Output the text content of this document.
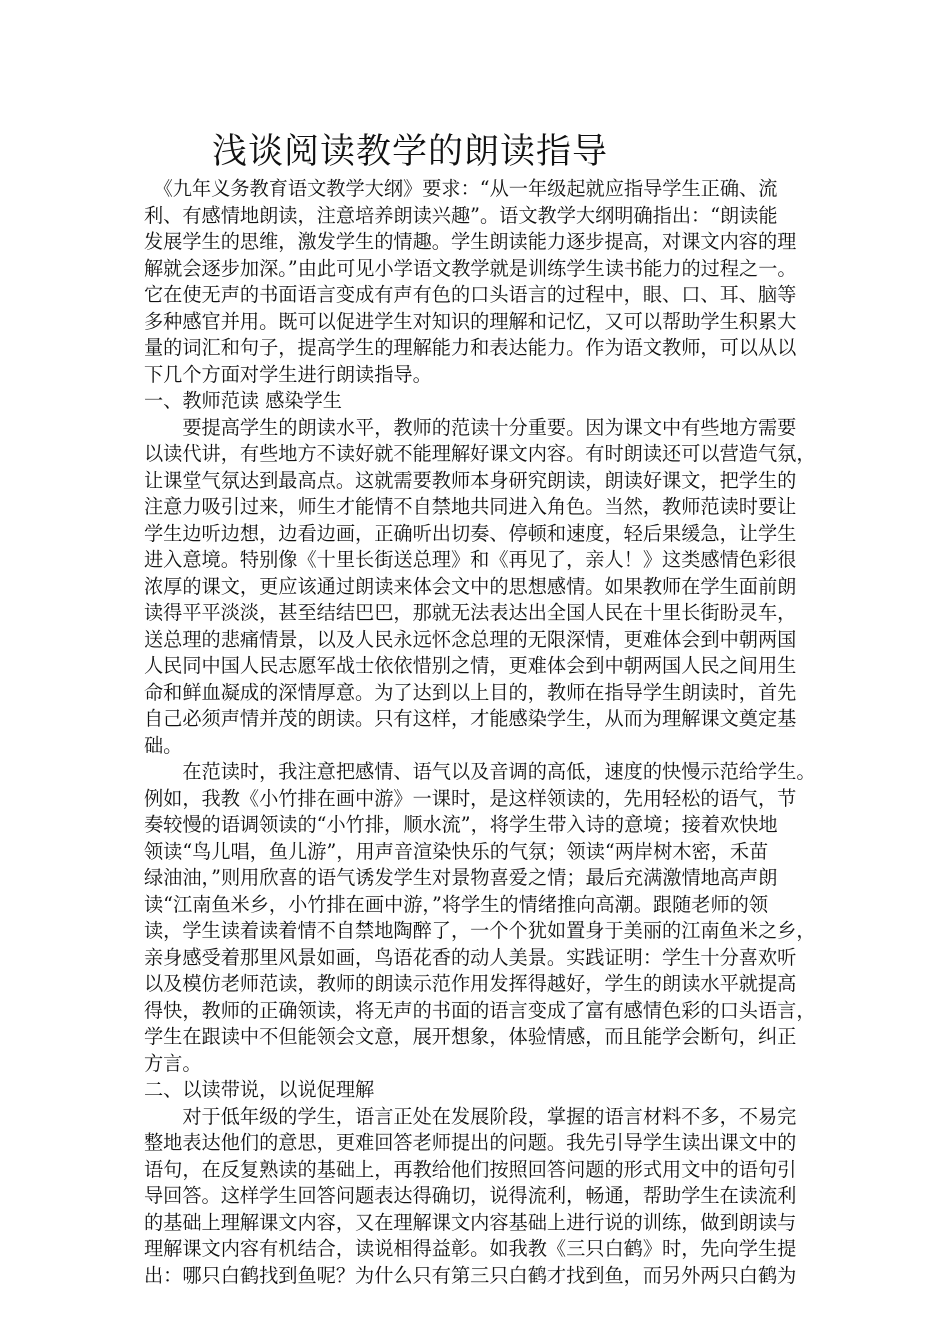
浅谈阅读教学的朗读指导
　《九年义务教育语文教学大纲》要求：“从一年级起就应指导学生正确、流
利、有感情地朗读，注意培养朗读兴趣”。语文教学大纲明确指出：“朗读能
发展学生的思维，激发学生的情趣。学生朗读能力逐步提高，对课文内容的理
解就会逐步加深。”由此可见小学语文教学就是训练学生读书能力的过程之一。
它在使无声的书面语言变成有声有色的口头语言的过程中，眼、口、耳、脑等
多种感官并用。既可以促进学生对知识的理解和记忆，又可以帮助学生积累大
量的词汇和句子，提高学生的理解能力和表达能力。作为语文教师，可以从以
下几个方面对学生进行朗读指导。
一、教师范读 感染学生
　　要提高学生的朗读水平，教师的范读十分重要。因为课文中有些地方需要
以读代讲，有些地方不读好就不能理解好课文内容。有时朗读还可以营造气氛，
让课堂气氛达到最高点。这就需要教师本身研究朗读，朗读好课文，把学生的
注意力吸引过来，师生才能情不自禁地共同进入角色。当然，教师范读时要让
学生边听边想，边看边画，正确听出切奏、停顿和速度，轻后果缓急，让学生
进入意境。特别像《十里长街送总理》和《再见了，亲人！》这类感情色彩很
浓厚的课文，更应该通过朗读来体会文中的思想感情。如果教师在学生面前朗
读得平平淡淡，甚至结结巴巴，那就无法表达出全国人民在十里长街盼灵车，
送总理的悲痛情景，以及人民永远怀念总理的无限深情，更难体会到中朝两国
人民同中国人民志愿军战士依依惜别之情，更难体会到中朝两国人民之间用生
命和鲜血凝成的深情厚意。为了达到以上目的，教师在指导学生朗读时，首先
自己必须声情并茂的朗读。只有这样，才能感染学生，从而为理解课文奠定基
础。
　　在范读时，我注意把感情、语气以及音调的高低，速度的快慢示范给学生。
例如，我教《小竹排在画中游》一课时，是这样领读的，先用轻松的语气，节
奏较慢的语调领读的“小竹排，顺水流”，将学生带入诗的意境；接着欢快地
领读“鸟儿唱，鱼儿游”，用声音渲染快乐的气氛；领读“两岸树木密，禾苗
绿油油，”则用欣喜的语气诱发学生对景物喜爱之情；最后充满激情地高声朗
读“江南鱼米乡，小竹排在画中游，”将学生的情绪推向高潮。跟随老师的领
读，学生读着读着情不自禁地陶醉了，一个个犹如置身于美丽的江南鱼米之乡，
亲身感受着那里风景如画，鸟语花香的动人美景。实践证明：学生十分喜欢听
以及模仿老师范读，教师的朗读示范作用发挥得越好，学生的朗读水平就提高
得快，教师的正确领读，将无声的书面的语言变成了富有感情色彩的口头语言，
学生在跟读中不但能领会文意，展开想象，体验情感，而且能学会断句，纠正
方言。
二、以读带说，以说促理解
　　对于低年级的学生，语言正处在发展阶段，掌握的语言材料不多，不易完
整地表达他们的意思，更难回答老师提出的问题。我先引导学生读出课文中的
语句，在反复熟读的基础上，再教给他们按照回答问题的形式用文中的语句引
导回答。这样学生回答问题表达得确切，说得流利，畅通，帮助学生在读流利
的基础上理解课文内容，又在理解课文内容基础上进行说的训练，做到朗读与
理解课文内容有机结合，读说相得益彰。如我教《三只白鹤》时，先向学生提
出：哪只白鹤找到鱼呢？为什么只有第三只白鹤才找到鱼，而另外两只白鹤为
